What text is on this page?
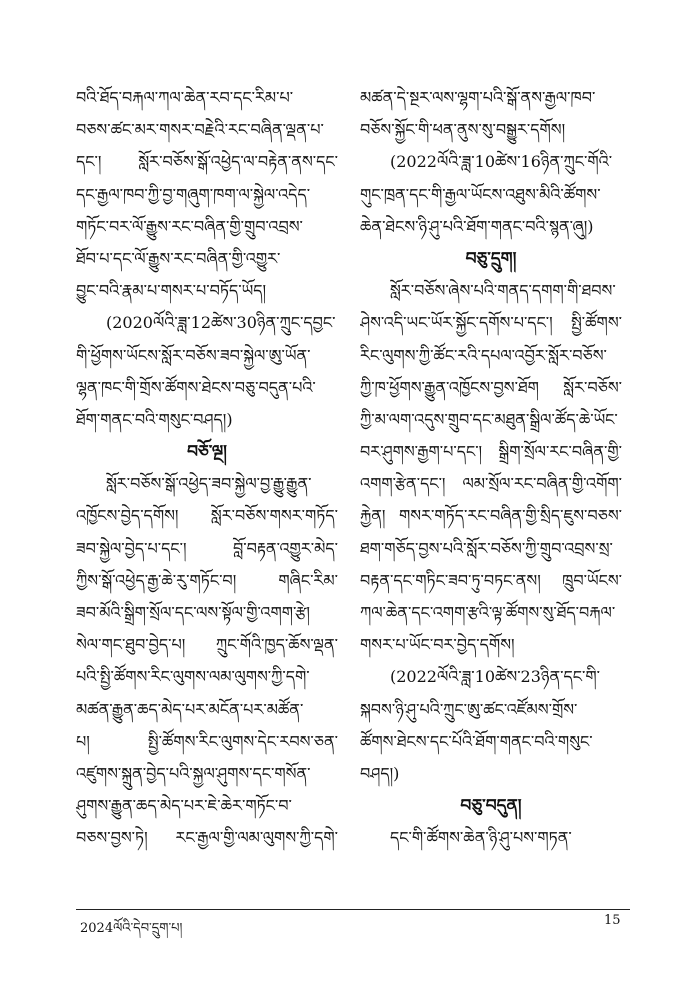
བའི་ཐོད་བརྐལ་ཀལ་ཆེན་རབ་དང་རིམ་པ་
བཅས་ཚང་མར་གསར་བརྗེའི་རང་བཞིན་ལྡན་པ་
དང་། སློར་བཅོས་སྒོ་འཕྱེད་ལ་བརྟེན་ནས་དང་
དང་རྒྱལ་ཁབ་ཀྱི་བྱ་གཞུག་ཁག་ལ་སྐྱེལ་འདེད་
གཏོང་བར་ལོ་རྒྱུས་རང་བཞིན་གྱི་གྲུབ་འབྲས་
ཐོབ་པ་དང་ལོ་རྒྱུས་རང་བཞིན་གྱི་འགྱུར་
བྱུང་བའི་རྣམ་པ་གསར་པ་བཏོད་ཡོད།
(2020ལོའི་ཟླ་12ཚེས་30ཉིན་ཀྲུང་དབྱང་
གི་ཕྱོགས་ཡོངས་སློར་བཅོས་ཟབ་སྐྱེལ་ཨུ་ཡོན་
ལྷན་ཁང་གི་གྲོས་ཚོགས་ཐེངས་བཅུ་བདུན་པའི་
ཐོག་གནང་བའི་གསུང་བཤད།)
བཅོ་ལྔ།
སློར་བཅོས་སྒོ་འཕྱེད་ཟབ་སྐྱེལ་བྱ་རྒྱུ་རྒྱུན་
འཁྱོངས་བྱེད་དགོས། སློར་བཅོས་གསར་གཏོད་
ཟབ་སྐྱེལ་བྱེད་པ་དང་། བློ་བརྟན་འགྱུར་མེད་
ཀྱིས་སྒོ་འཕྱེད་རྒྱ་ཆེ་རུ་གཏོང་བ། གཞིང་རིམ་
ཟབ་མོའི་སྒྲིག་སྲོལ་དང་ལས་སྟོལ་གྱི་འགག་རྩེ།
སེལ་གང་ཐུབ་བྱེད་པ། ཀྲུང་གོའི་ཁྱད་ཆོས་ལྡན་
པའི་སྤྱི་ཚོགས་རིང་ལུགས་ལམ་ལུགས་ཀྱི་དགེ་
མཚན་རྒྱུན་ཆད་མེད་པར་མངོན་པར་མཚོན་
པ། སྤྱི་ཚོགས་རིང་ལུགས་དེང་རབས་ཅན་
འཛུགས་སྐྲུན་བྱེད་པའི་སྐྱལ་ཤུགས་དང་གསོན་
ཤུགས་རྒྱུན་ཆད་མེད་པར་ཇེ་ཆེར་གཏོང་བ་
བཅས་བྱས་ཏེ། རང་རྒྱལ་གྱི་ལམ་ལུགས་ཀྱི་དགེ་
མཚན་དེ་སྔར་ལས་ལྷག་པའི་སྒོ་ནས་རྒྱལ་ཁབ་
བཅོས་སྐྱོང་གི་ཕན་ནུས་སུ་བསྒྱུར་དགོས།
(2022ལོའི་ཟླ་10ཚེས་16ཉིན་ཀྲུང་གོའི་
གུང་ཁྲན་དང་གི་རྒྱལ་ཡོངས་འཐུས་མིའི་ཚོགས་
ཆེན་ཐེངས་ཉི་ཤུ་པའི་ཐོག་གནང་བའི་སྙན་ཞུ།)
བཅུ་དྲུག།
སློར་བཅོས་ཞེས་པའི་གནད་དགག་གི་ཐབས་
ཤེས་འདི་ཡང་ཡོར་སྐྱོང་དགོས་པ་དང་། སྤྱི་ཚོགས་
རིང་ལུགས་ཀྱི་ཚོང་རའི་དཔལ་འབྱོར་སློར་བཅོས་
ཀྱི་ཁ་ཕྱོགས་རྒྱུན་འཁྱོངས་བྱས་ཐོག སློར་བཅོས་
ཀྱི་མ་ལག་འདུས་གྲུབ་དང་མཐུན་སྒྲིལ་ཚོད་ཆེ་ཡོང་
བར་ཤུགས་རྒྱག་པ་དང་། སྒྲིག་སྲོལ་རང་བཞིན་གྱི་
འགག་རྩེན་དང་། ལམ་སྲོལ་རང་བཞིན་གྱི་འགོག་
རྐྱེན། གསར་གཏོད་རང་བཞིན་གྱི་སྲིད་ཇུས་བཅས་
ཐག་གཅོད་བྱས་པའི་སློར་བཅོས་ཀྱི་གྲུབ་འབྲས་སྲ་
བརྟན་དང་གཏིང་ཟབ་ཏུ་བཏང་ནས། ཁྲུབ་ཡོངས་
ཀལ་ཆེན་དང་འགག་རྩའི་ལྟ་ཚོགས་སུ་ཐོད་བརྐལ་
གསར་པ་ཡོང་བར་བྱེད་དགོས།
(2022ལོའི་ཟླ་10ཚེས་23ཉིན་དང་གི་
སྐབས་ཉི་ཤུ་པའི་ཀྲུང་ཨུ་ཚང་འཛོམས་གྲོས་
ཚོགས་ཐེངས་དང་པོའི་ཐོག་གནང་བའི་གསུང་
བཤད།)
བཅུ་བདུན།
དང་གི་ཚོགས་ཆེན་ཉི་ཤུ་པས་གཏན་
2024ལོའི་དེབ་དྲུག་པ།
15
